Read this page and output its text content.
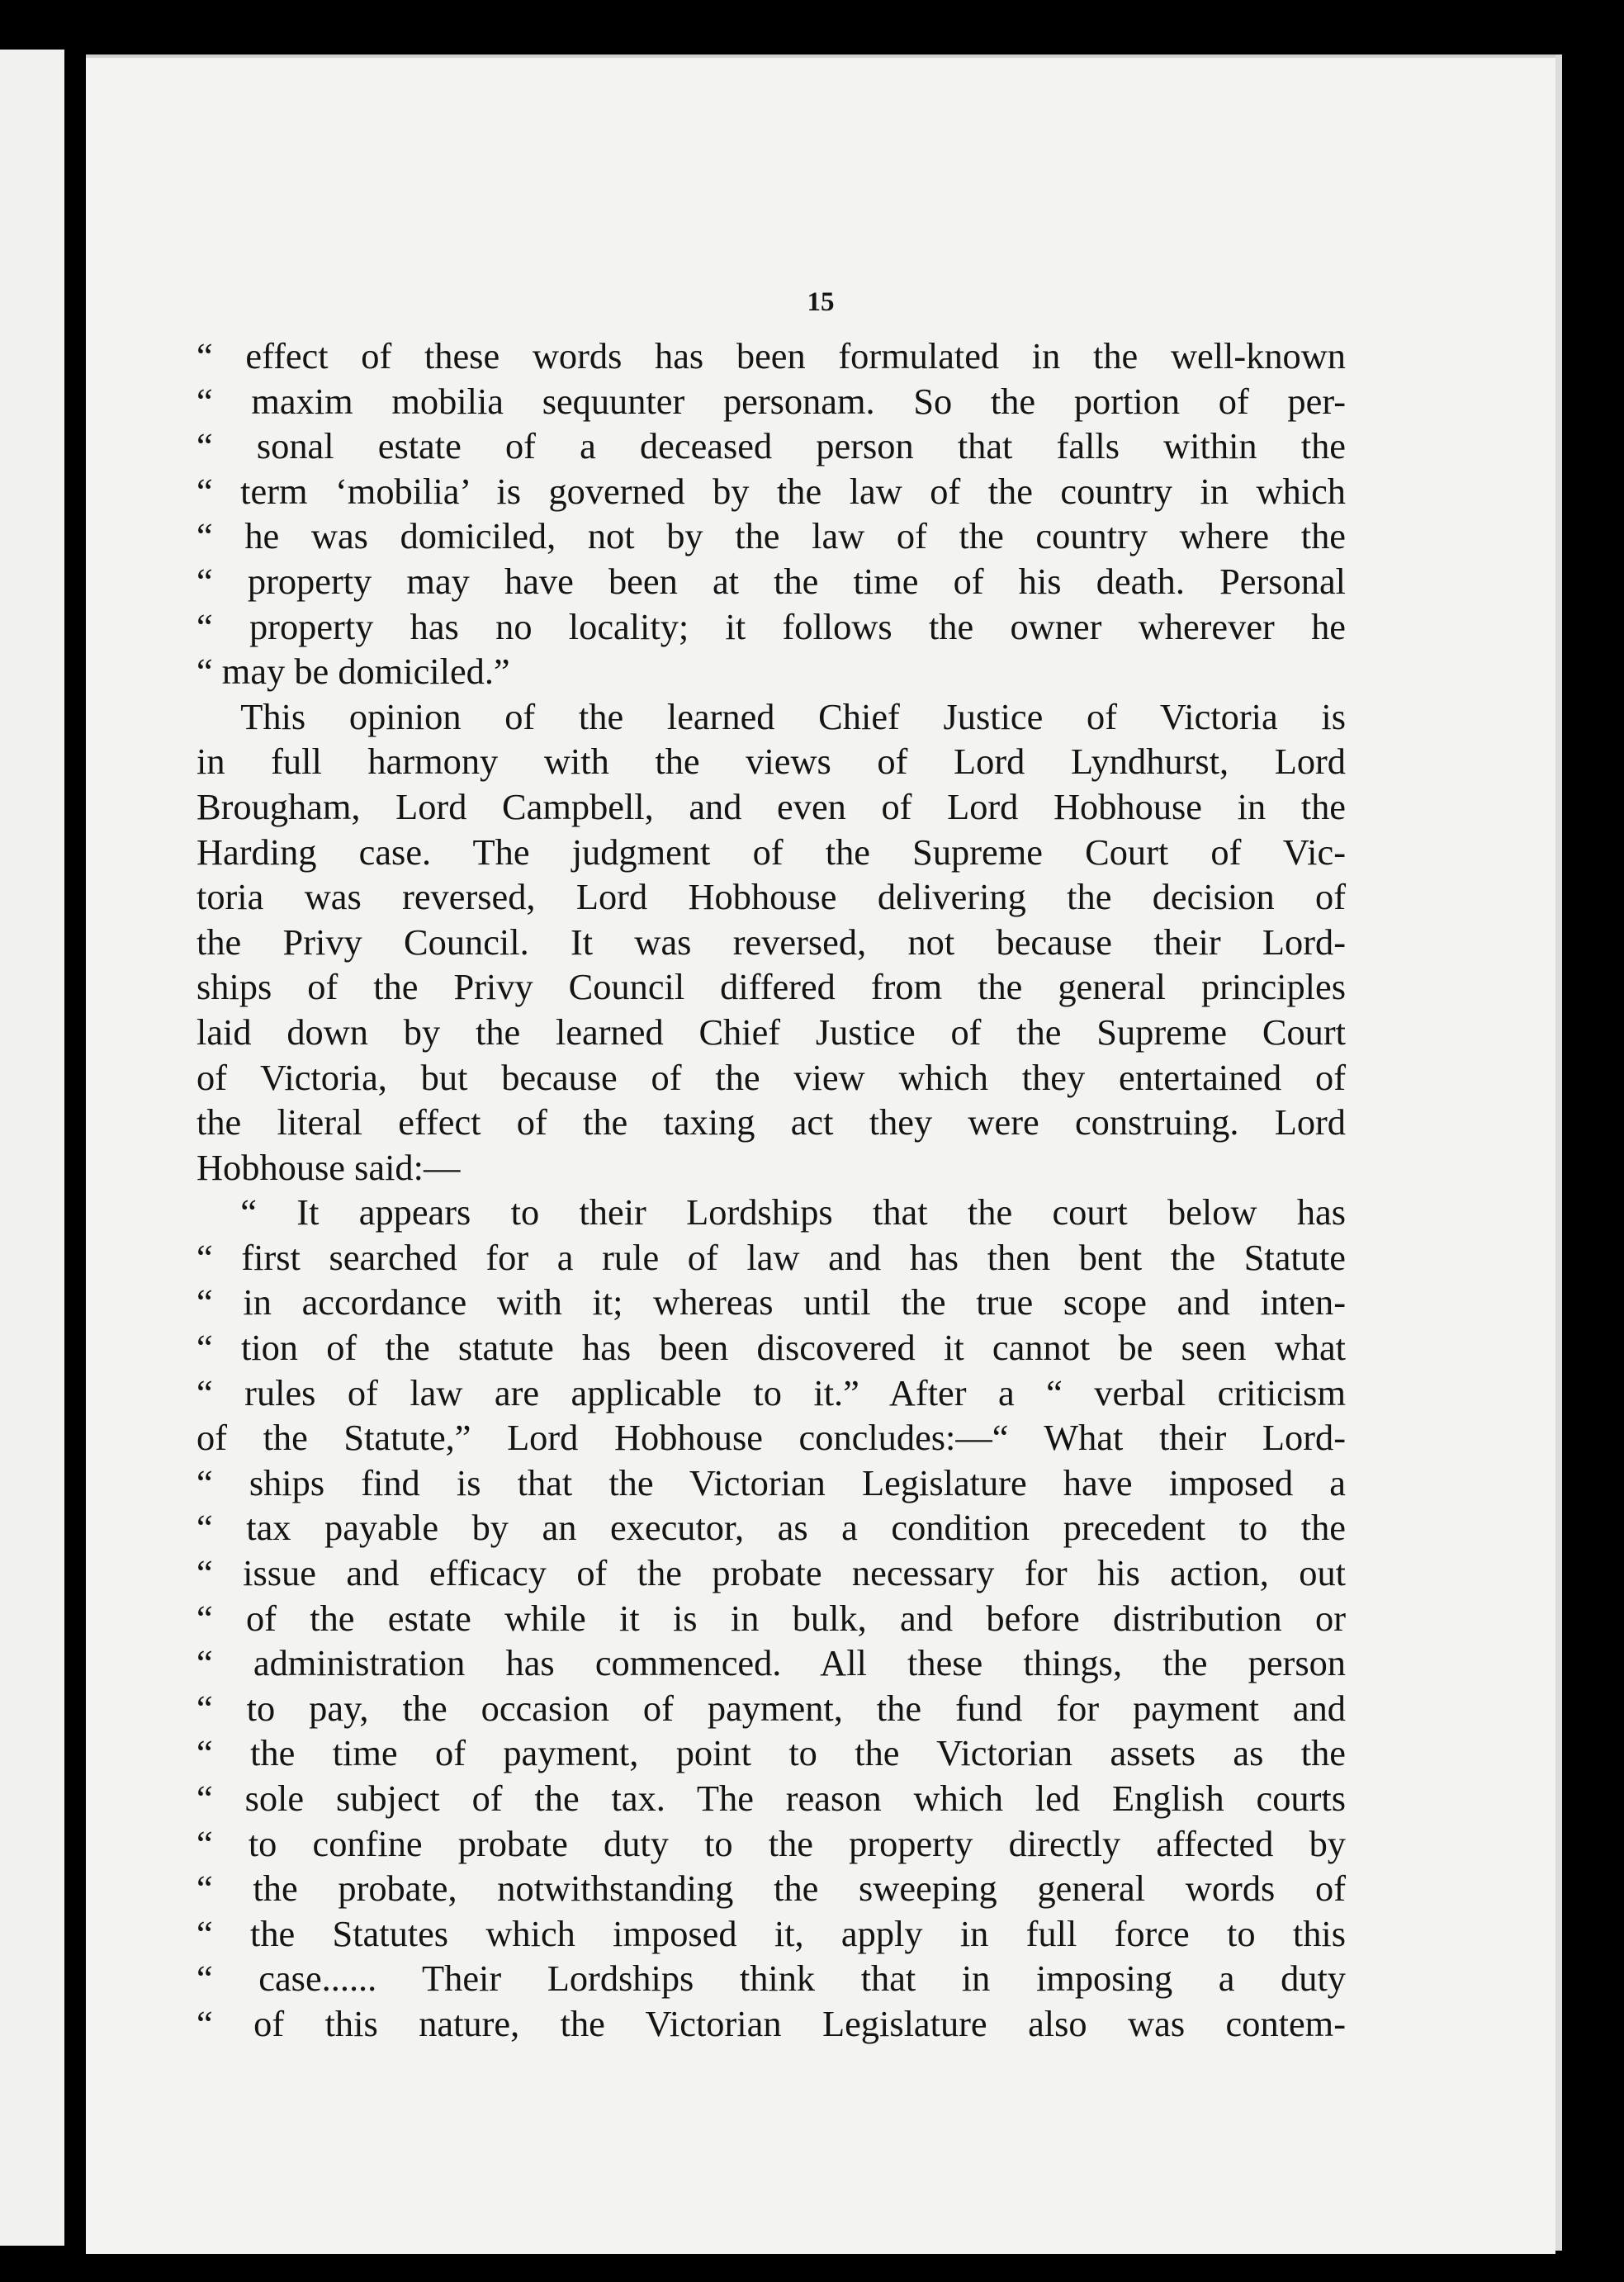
15

“ effect of these words has been formulated in the well-known

“ maxim mobilia sequunter personam. So the portion of per-

“ sonal estate of a deceased person that falls within the

“ term ‘mobilia’ is governed by the law of the country in which

“ he was domiciled, not by the law of the country where the

“ property may have been at the time of his death. Personal

“ property has no locality; it follows the owner wherever he

“ may be domiciled.”

This opinion of the learned Chief Justice of Victoria is

in full harmony with the views of Lord Lyndhurst, Lord

Brougham, Lord Campbell, and even of Lord Hobhouse in the

Harding case. The judgment of the Supreme Court of Vic-

toria was reversed, Lord Hobhouse delivering the decision of

the Privy Council. It was reversed, not because their Lord-

ships of the Privy Council differed from the general principles

laid down by the learned Chief Justice of the Supreme Court

of Victoria, but because of the view which they entertained of

the literal effect of the taxing act they were construing. Lord

Hobhouse said:—

“ It appears to their Lordships that the court below has

“ first searched for a rule of law and has then bent the Statute

“ in accordance with it; whereas until the true scope and inten-

“ tion of the statute has been discovered it cannot be seen what

“ rules of law are applicable to it.” After a “ verbal criticism

of the Statute,” Lord Hobhouse concludes:—“ What their Lord-

“ ships find is that the Victorian Legislature have imposed a

“ tax payable by an executor, as a condition precedent to the

“ issue and efficacy of the probate necessary for his action, out

“ of the estate while it is in bulk, and before distribution or

“ administration has commenced. All these things, the person

“ to pay, the occasion of payment, the fund for payment and

“ the time of payment, point to the Victorian assets as the

“ sole subject of the tax. The reason which led English courts

“ to confine probate duty to the property directly affected by

“ the probate, notwithstanding the sweeping general words of

“ the Statutes which imposed it, apply in full force to this

“ case...... Their Lordships think that in imposing a duty

“ of this nature, the Victorian Legislature also was contem-
